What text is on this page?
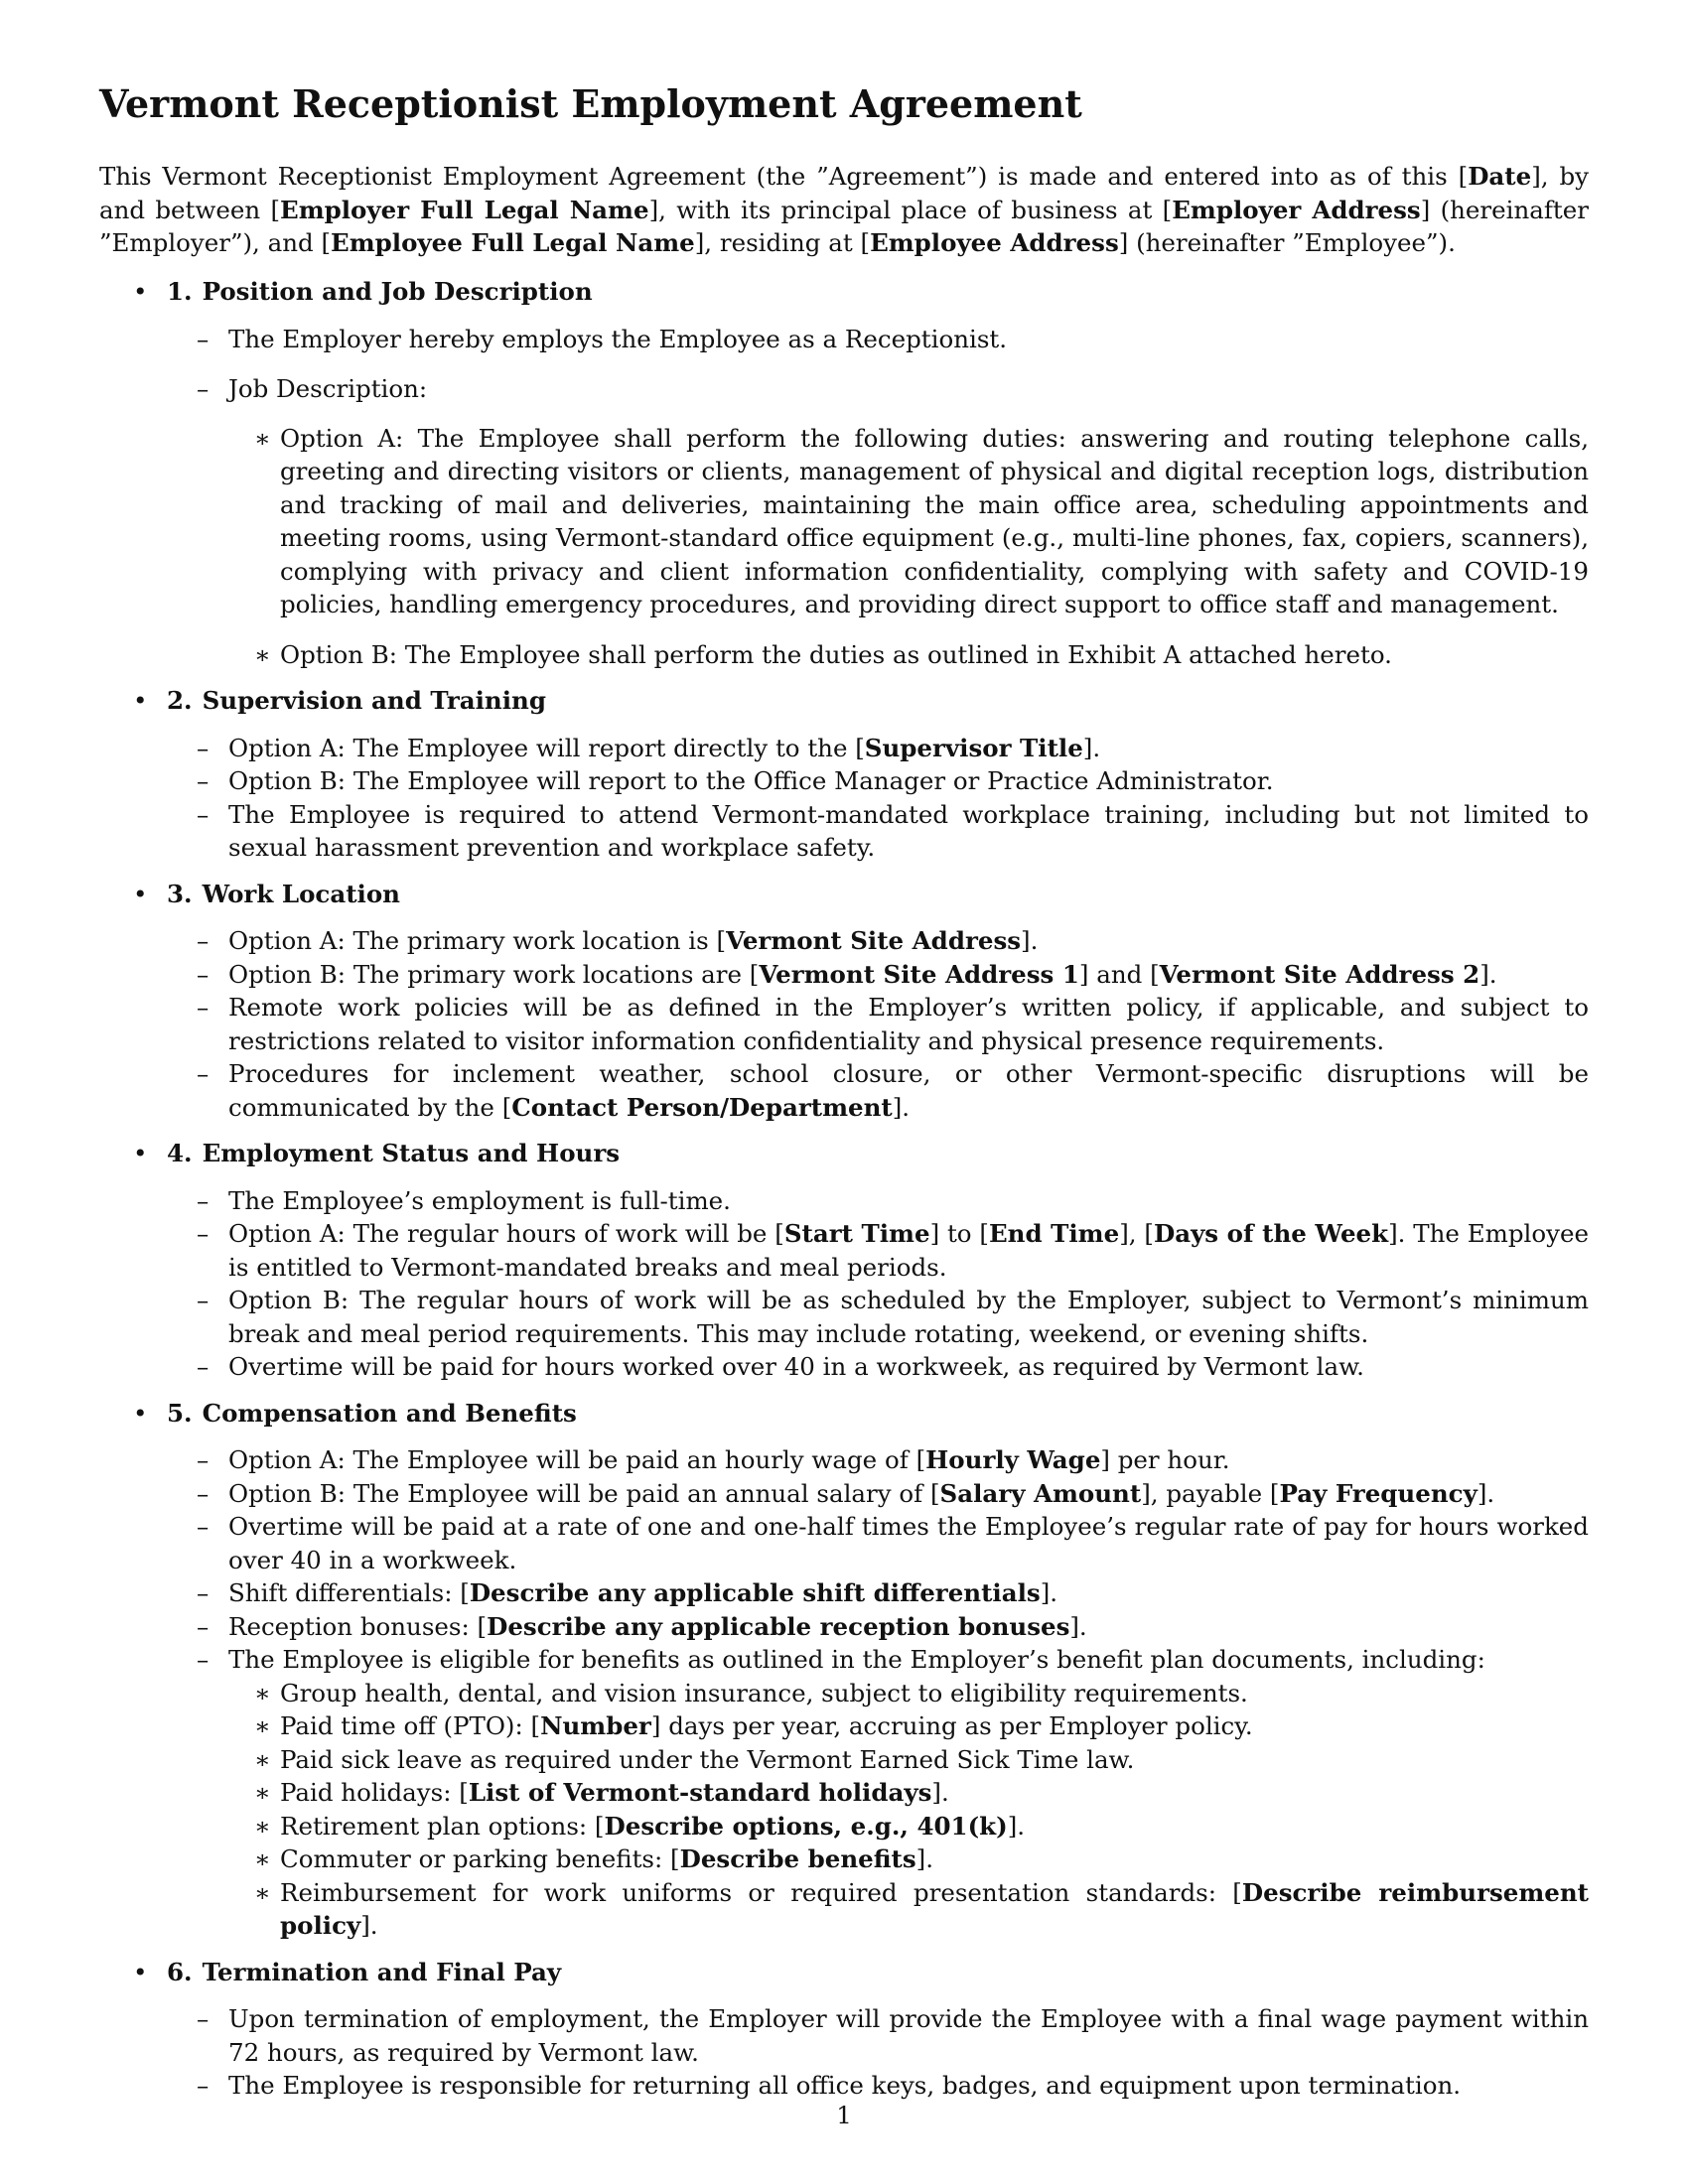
Vermont Receptionist Employment Agreement

This Vermont Receptionist Employment Agreement (the ”Agreement”) is made and entered into as of this [Date], by and between [Employer Full Legal Name], with its principal place of business at [Employer Address] (hereinafter ”Employer”), and [Employee Full Legal Name], residing at [Employee Address] (hereinafter ”Employee”).

• 1. Position and Job Description
– The Employer hereby employs the Employee as a Receptionist.
– Job Description:
∗ Option A: The Employee shall perform the following duties: answering and routing telephone calls, greeting and directing visitors or clients, management of physical and digital reception logs, distribution and tracking of mail and deliveries, maintaining the main office area, scheduling appointments and meeting rooms, using Vermont-standard office equipment (e.g., multi-line phones, fax, copiers, scanners), complying with privacy and client information confidentiality, complying with safety and COVID-19 policies, handling emergency procedures, and providing direct support to office staff and management.
∗ Option B: The Employee shall perform the duties as outlined in Exhibit A attached hereto.
• 2. Supervision and Training
– Option A: The Employee will report directly to the [Supervisor Title].
– Option B: The Employee will report to the Office Manager or Practice Administrator.
– The Employee is required to attend Vermont-mandated workplace training, including but not limited to sexual harassment prevention and workplace safety.
• 3. Work Location
– Option A: The primary work location is [Vermont Site Address].
– Option B: The primary work locations are [Vermont Site Address 1] and [Vermont Site Address 2].
– Remote work policies will be as defined in the Employer’s written policy, if applicable, and subject to restrictions related to visitor information confidentiality and physical presence requirements.
– Procedures for inclement weather, school closure, or other Vermont-specific disruptions will be communicated by the [Contact Person/Department].
• 4. Employment Status and Hours
– The Employee’s employment is full-time.
– Option A: The regular hours of work will be [Start Time] to [End Time], [Days of the Week]. The Employee is entitled to Vermont-mandated breaks and meal periods.
– Option B: The regular hours of work will be as scheduled by the Employer, subject to Vermont’s minimum break and meal period requirements. This may include rotating, weekend, or evening shifts.
– Overtime will be paid for hours worked over 40 in a workweek, as required by Vermont law.
• 5. Compensation and Benefits
– Option A: The Employee will be paid an hourly wage of [Hourly Wage] per hour.
– Option B: The Employee will be paid an annual salary of [Salary Amount], payable [Pay Frequency].
– Overtime will be paid at a rate of one and one-half times the Employee’s regular rate of pay for hours worked over 40 in a workweek.
– Shift differentials: [Describe any applicable shift differentials].
– Reception bonuses: [Describe any applicable reception bonuses].
– The Employee is eligible for benefits as outlined in the Employer’s benefit plan documents, including:
∗ Group health, dental, and vision insurance, subject to eligibility requirements.
∗ Paid time off (PTO): [Number] days per year, accruing as per Employer policy.
∗ Paid sick leave as required under the Vermont Earned Sick Time law.
∗ Paid holidays: [List of Vermont-standard holidays].
∗ Retirement plan options: [Describe options, e.g., 401(k)].
∗ Commuter or parking benefits: [Describe benefits].
∗ Reimbursement for work uniforms or required presentation standards: [Describe reimbursement policy].
• 6. Termination and Final Pay
– Upon termination of employment, the Employer will provide the Employee with a final wage payment within 72 hours, as required by Vermont law.
– The Employee is responsible for returning all office keys, badges, and equipment upon termination.
1
